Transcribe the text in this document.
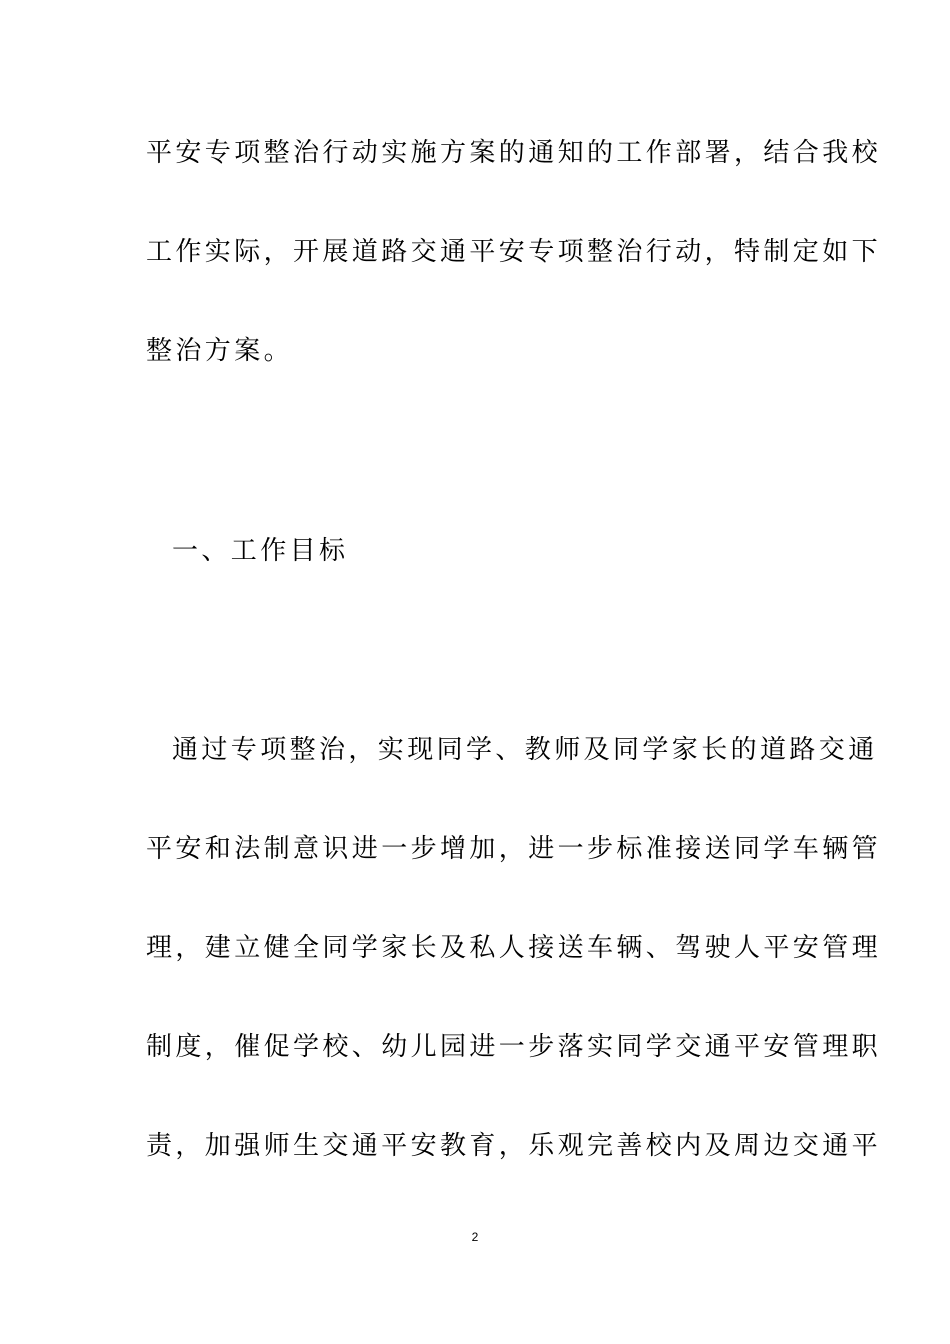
平安专项整治行动实施方案的通知的工作部署，结合我校
工作实际，开展道路交通平安专项整治行动，特制定如下
整治方案。
一、工作目标
通过专项整治，实现同学、教师及同学家长的道路交通
平安和法制意识进一步增加，进一步标准接送同学车辆管
理，建立健全同学家长及私人接送车辆、驾驶人平安管理
制度，催促学校、幼儿园进一步落实同学交通平安管理职
责，加强师生交通平安教育，乐观完善校内及周边交通平
2
